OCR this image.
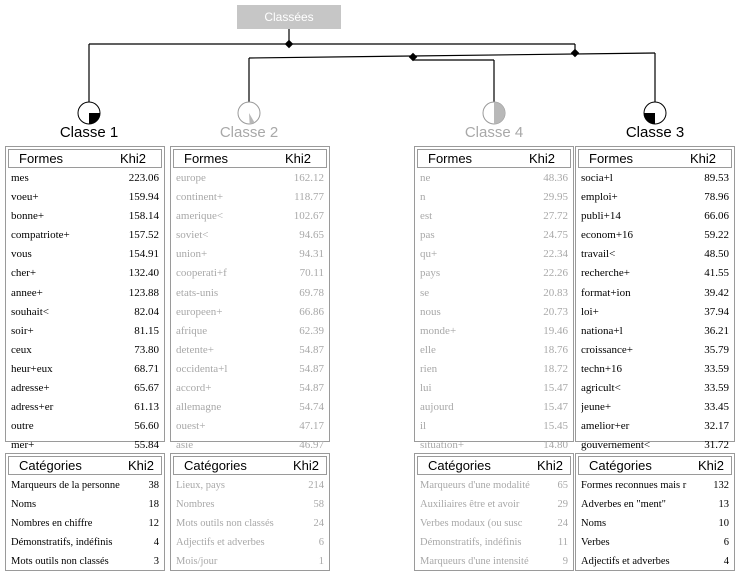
Classées
Classe 1	Classe 2	Classe 4	Classe 3
Formes	Khi2
mes	223.06
voeu+	159.94
bonne+	158.14
compatriote+	157.52
vous	154.91
cher+	132.40
annee+	123.88
souhait<	82.04
soir+	81.15
ceux	73.80
heur+eux	68.71
adresse+	65.67
adress+er	61.13
outre	56.60
mer+	55.84
Catégories	Khi2
Marqueurs de la personne	38
Noms	18
Nombres en chiffre	12
Démonstratifs, indéfinis	4
Mots outils non classés	3
Formes	Khi2
europe	162.12
continent+	118.77
amerique<	102.67
soviet<	94.65
union+	94.31
cooperati+f	70.11
etats-unis	69.78
europeen+	66.86
afrique	62.39
detente+	54.87
occidenta+l	54.87
accord+	54.87
allemagne	54.74
ouest+	47.17
asie	46.97
Catégories	Khi2
Lieux, pays	214
Nombres	58
Mots outils non classés	24
Adjectifs et adverbes	6
Mois/jour	1
Formes	Khi2
ne	48.36
n	29.95
est	27.72
pas	24.75
qu+	22.34
pays	22.26
se	20.83
nous	20.73
monde+	19.46
elle	18.76
rien	18.72
lui	15.47
aujourd	15.47
il	15.45
situation+	14.80
Catégories	Khi2
Marqueurs d'une modalité	65
Auxiliaires être et avoir	29
Verbes modaux (ou susc	24
Démonstratifs, indéfinis	11
Marqueurs d'une intensité	9
Formes	Khi2
socia+l	89.53
emploi+	78.96
publi+14	66.06
econom+16	59.22
travail<	48.50
recherche+	41.55
format+ion	39.42
loi+	37.94
nationa+l	36.21
croissance+	35.79
techn+16	33.59
agricult<	33.59
jeune+	33.45
amelior+er	32.17
gouvernement<	31.72
Catégories	Khi2
Formes reconnues mais r	132
Adverbes en "ment"	13
Noms	10
Verbes	6
Adjectifs et adverbes	4
